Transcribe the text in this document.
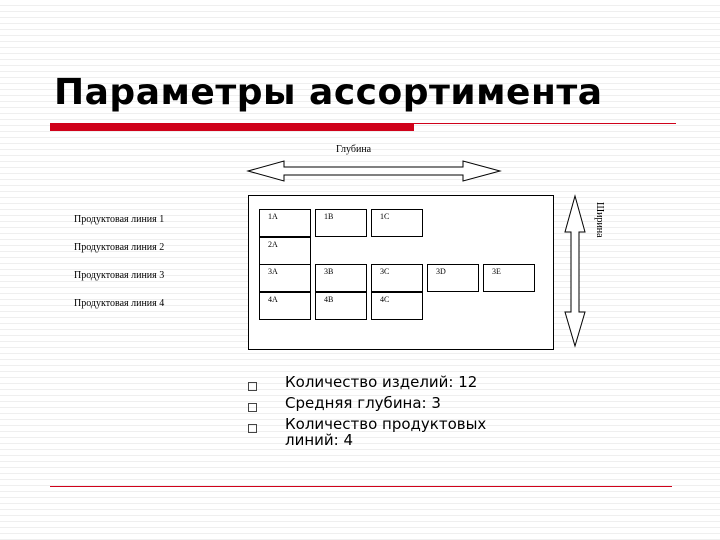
Параметры ассортимента
Глубина
Ширина
Продуктовая линия 1
Продуктовая линия 2
Продуктовая линия 3
Продуктовая линия 4
1A	1B	1C
2A
3A	3B	3C	3D	3E
4A	4B	4C
Количество изделий: 12
Средняя глубина: 3
Количество продуктовых линий: 4
